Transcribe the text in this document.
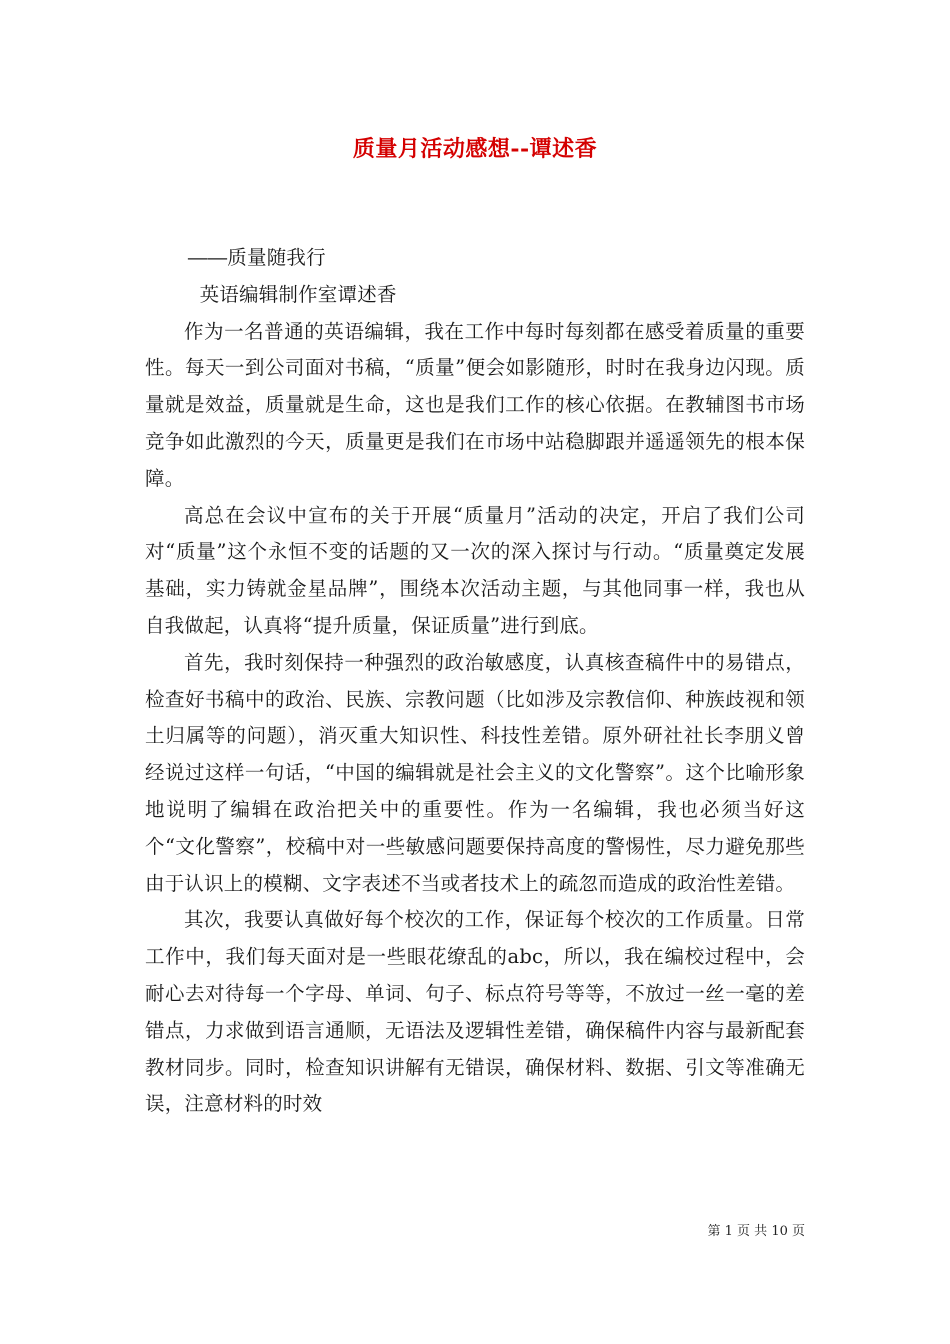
质量月活动感想--谭述香

――质量随我行

英语编辑制作室谭述香

作为一名普通的英语编辑，我在工作中每时每刻都在感受着质量的重要性。每天一到公司面对书稿，“质量”便会如影随形，时时在我身边闪现。质量就是效益，质量就是生命，这也是我们工作的核心依据。在教辅图书市场竞争如此激烈的今天，质量更是我们在市场中站稳脚跟并遥遥领先的根本保障。

高总在会议中宣布的关于开展“质量月”活动的决定，开启了我们公司对“质量”这个永恒不变的话题的又一次的深入探讨与行动。“质量奠定发展基础，实力铸就金星品牌”，围绕本次活动主题，与其他同事一样，我也从自我做起，认真将“提升质量，保证质量”进行到底。

首先，我时刻保持一种强烈的政治敏感度，认真核查稿件中的易错点，检查好书稿中的政治、民族、宗教问题（比如涉及宗教信仰、种族歧视和领土归属等的问题），消灭重大知识性、科技性差错。原外研社社长李朋义曾经说过这样一句话，“中国的编辑就是社会主义的文化警察”。这个比喻形象地说明了编辑在政治把关中的重要性。作为一名编辑，我也必须当好这个“文化警察”，校稿中对一些敏感问题要保持高度的警惕性，尽力避免那些由于认识上的模糊、文字表述不当或者技术上的疏忽而造成的政治性差错。

其次，我要认真做好每个校次的工作，保证每个校次的工作质量。日常工作中，我们每天面对是一些眼花缭乱的abc，所以，我在编校过程中，会耐心去对待每一个字母、单词、句子、标点符号等等，不放过一丝一毫的差错点，力求做到语言通顺，无语法及逻辑性差错，确保稿件内容与最新配套教材同步。同时，检查知识讲解有无错误，确保材料、数据、引文等准确无误，注意材料的时效

第 1 页 共 10 页
